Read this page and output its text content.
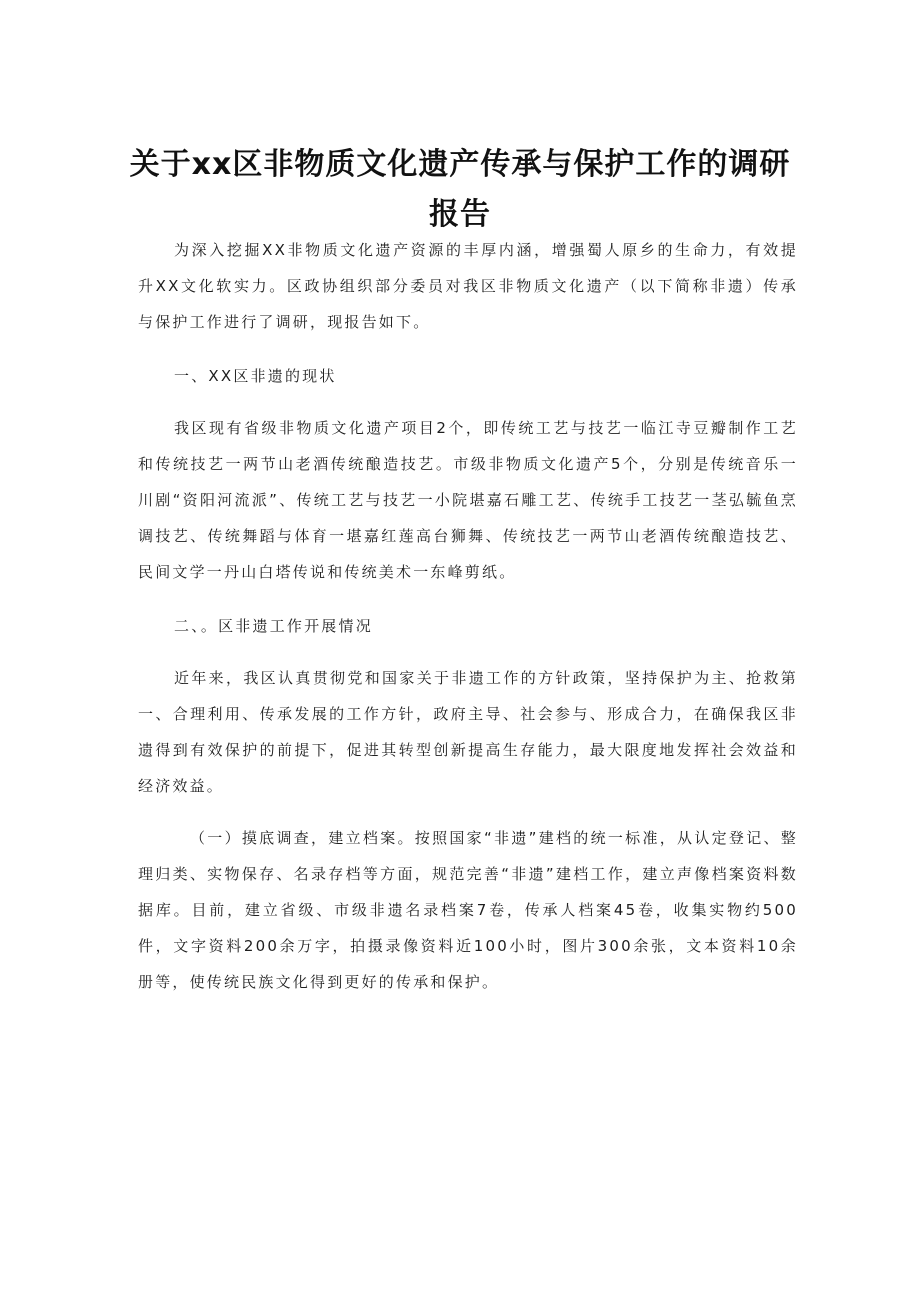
关于xx区非物质文化遗产传承与保护工作的调研报告

为深入挖掘XX非物质文化遗产资源的丰厚内涵，增强蜀人原乡的生命力，有效提升XX文化软实力。区政协组织部分委员对我区非物质文化遗产（以下简称非遗）传承与保护工作进行了调研，现报告如下。

一、XX区非遗的现状

我区现有省级非物质文化遗产项目2个，即传统工艺与技艺一临江寺豆瓣制作工艺和传统技艺一两节山老酒传统酿造技艺。市级非物质文化遗产5个，分别是传统音乐一川剧“资阳河流派”、传统工艺与技艺一小院堪嘉石雕工艺、传统手工技艺一茎弘毓鱼烹调技艺、传统舞蹈与体育一堪嘉红莲高台狮舞、传统技艺一两节山老酒传统酿造技艺、民间文学一丹山白塔传说和传统美术一东峰剪纸。

二、。区非遗工作开展情况

近年来，我区认真贯彻党和国家关于非遗工作的方针政策，坚持保护为主、抢救第一、合理利用、传承发展的工作方针，政府主导、社会参与、形成合力，在确保我区非遗得到有效保护的前提下，促进其转型创新提高生存能力，最大限度地发挥社会效益和经济效益。

（一）摸底调查，建立档案。按照国家“非遗”建档的统一标准，从认定登记、整理归类、实物保存、名录存档等方面，规范完善“非遗”建档工作，建立声像档案资料数据库。目前，建立省级、市级非遗名录档案7卷，传承人档案45卷，收集实物约500件，文字资料200余万字，拍摄录像资料近100小时，图片300余张，文本资料10余册等，使传统民族文化得到更好的传承和保护。
